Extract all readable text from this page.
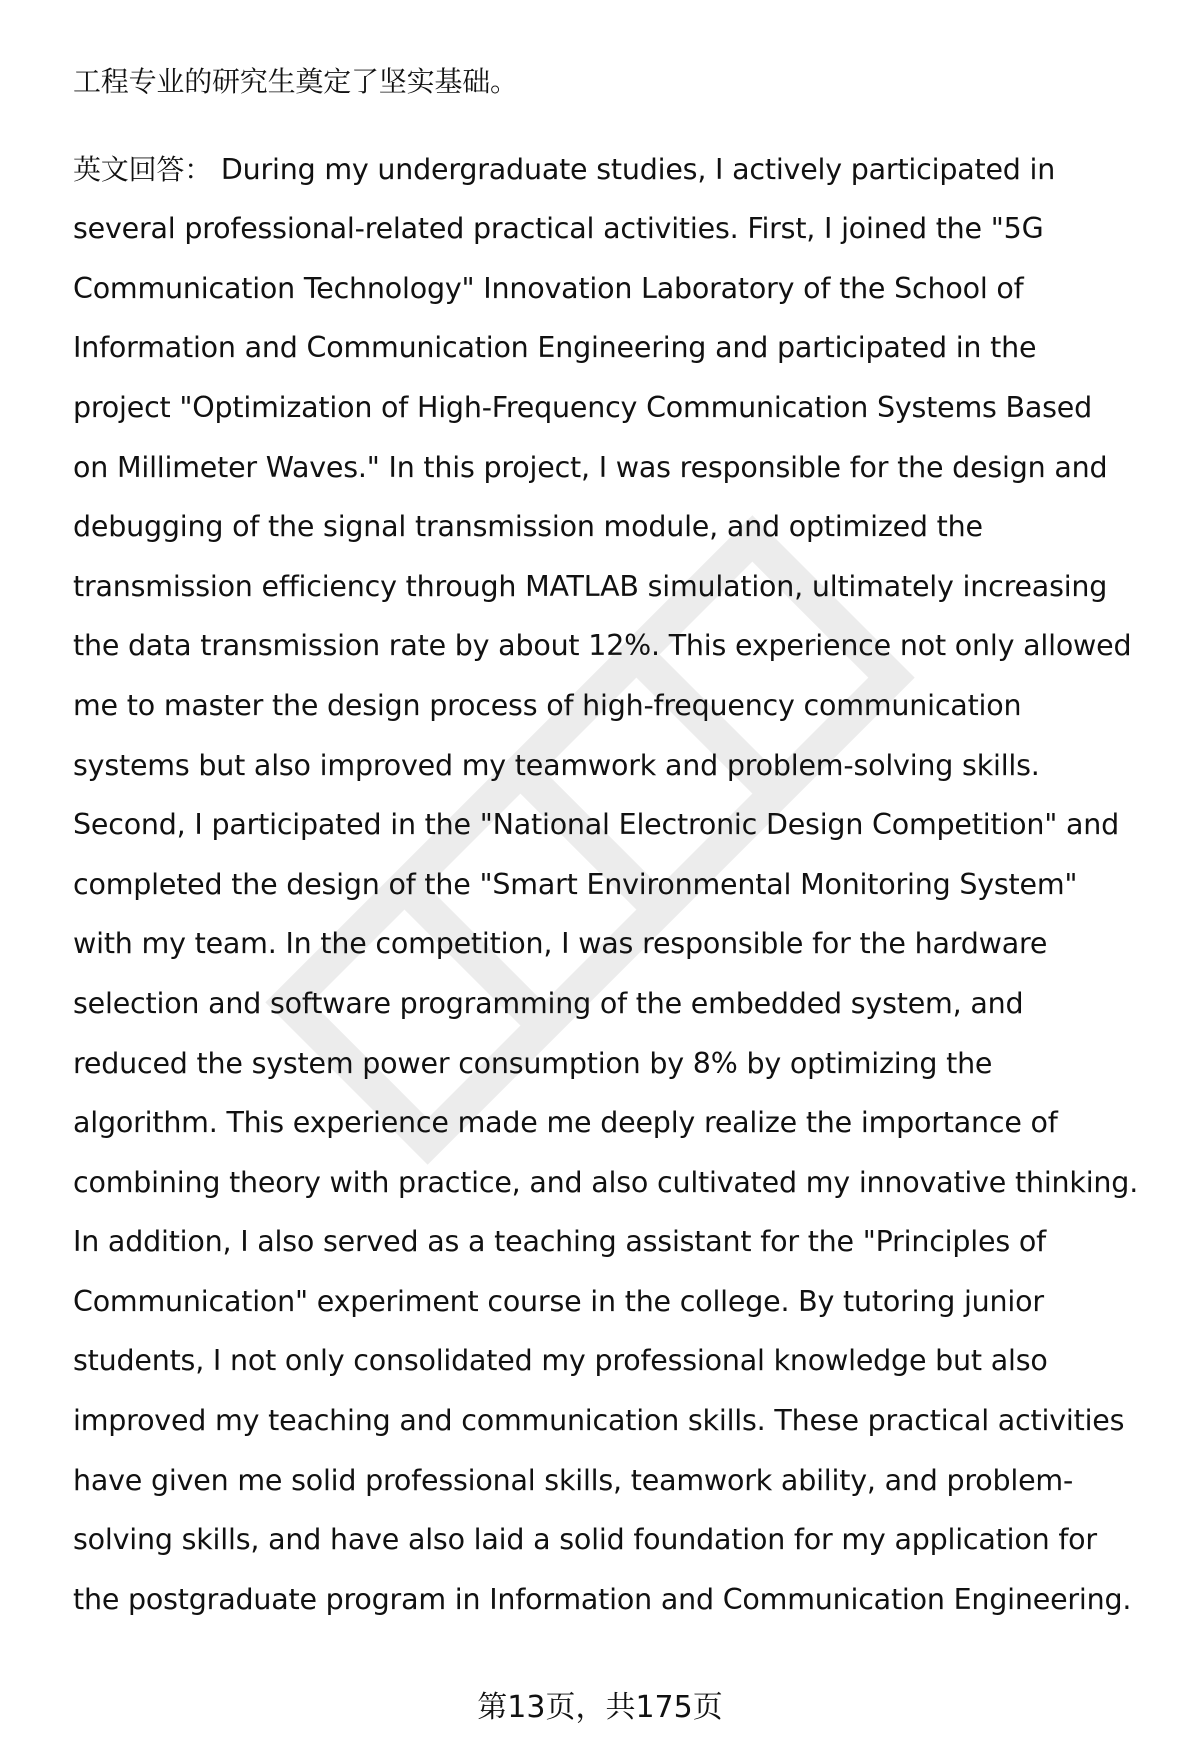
工程专业的研究生奠定了坚实基础。
英文回答： During my undergraduate studies, I actively participated in
several professional-related practical activities. First, I joined the "5G
Communication Technology" Innovation Laboratory of the School of
Information and Communication Engineering and participated in the
project "Optimization of High-Frequency Communication Systems Based
on Millimeter Waves." In this project, I was responsible for the design and
debugging of the signal transmission module, and optimized the
transmission efficiency through MATLAB simulation, ultimately increasing
the data transmission rate by about 12%. This experience not only allowed
me to master the design process of high-frequency communication
systems but also improved my teamwork and problem-solving skills.
Second, I participated in the "National Electronic Design Competition" and
completed the design of the "Smart Environmental Monitoring System"
with my team. In the competition, I was responsible for the hardware
selection and software programming of the embedded system, and
reduced the system power consumption by 8% by optimizing the
algorithm. This experience made me deeply realize the importance of
combining theory with practice, and also cultivated my innovative thinking.
In addition, I also served as a teaching assistant for the "Principles of
Communication" experiment course in the college. By tutoring junior
students, I not only consolidated my professional knowledge but also
improved my teaching and communication skills. These practical activities
have given me solid professional skills, teamwork ability, and problem-
solving skills, and have also laid a solid foundation for my application for
the postgraduate program in Information and Communication Engineering.
第13页，共175页
